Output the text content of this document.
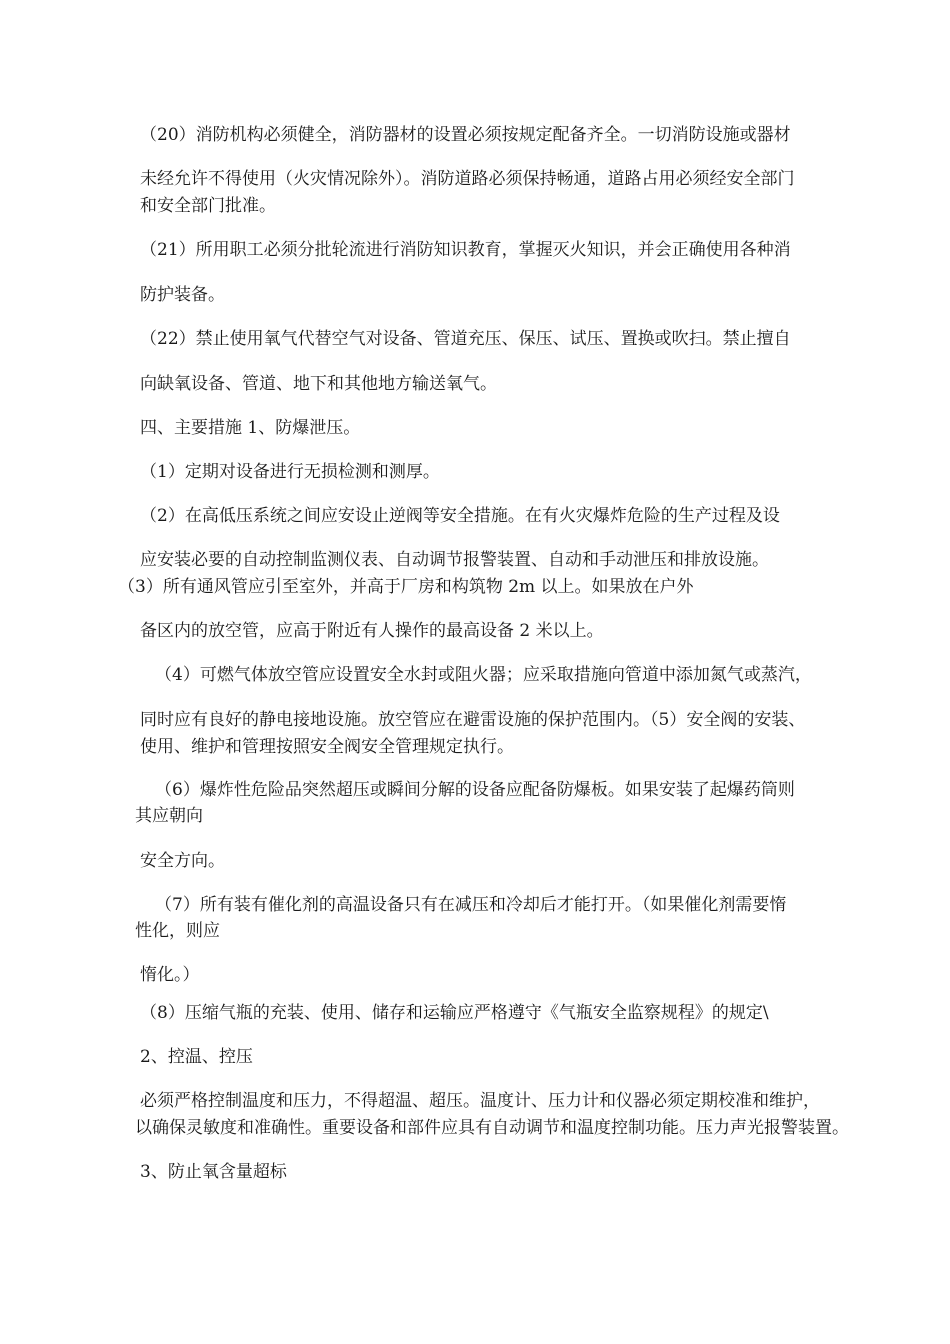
（20）消防机构必须健全，消防器材的设置必须按规定配备齐全。一切消防设施或器材

未经允许不得使用（火灾情况除外）。消防道路必须保持畅通，道路占用必须经安全部门

和安全部门批准。

（21）所用职工必须分批轮流进行消防知识教育，掌握灭火知识，并会正确使用各种消

防护装备。

（22）禁止使用氧气代替空气对设备、管道充压、保压、试压、置换或吹扫。禁止擅自

向缺氧设备、管道、地下和其他地方输送氧气。

四、主要措施 1、防爆泄压。

（1）定期对设备进行无损检测和测厚。

（2）在高低压系统之间应安设止逆阀等安全措施。在有火灾爆炸危险的生产过程及设

应安装必要的自动控制监测仪表、自动调节报警装置、自动和手动泄压和排放设施。

（3）所有通风管应引至室外，并高于厂房和构筑物 2m 以上。如果放在户外

备区内的放空管，应高于附近有人操作的最高设备 2 米以上。

（4）可燃气体放空管应设置安全水封或阻火器；应采取措施向管道中添加氮气或蒸汽，

同时应有良好的静电接地设施。放空管应在避雷设施的保护范围内。（5）安全阀的安装、

使用、维护和管理按照安全阀安全管理规定执行。

（6）爆炸性危险品突然超压或瞬间分解的设备应配备防爆板。如果安装了起爆药筒则

其应朝向

安全方向。

（7）所有装有催化剂的高温设备只有在减压和冷却后才能打开。（如果催化剂需要惰

性化，则应

惰化。）

（8）压缩气瓶的充装、使用、储存和运输应严格遵守《气瓶安全监察规程》的规定\

2、控温、控压

必须严格控制温度和压力，不得超温、超压。温度计、压力计和仪器必须定期校准和维护，

以确保灵敏度和准确性。重要设备和部件应具有自动调节和温度控制功能。压力声光报警装置。

3、防止氧含量超标
